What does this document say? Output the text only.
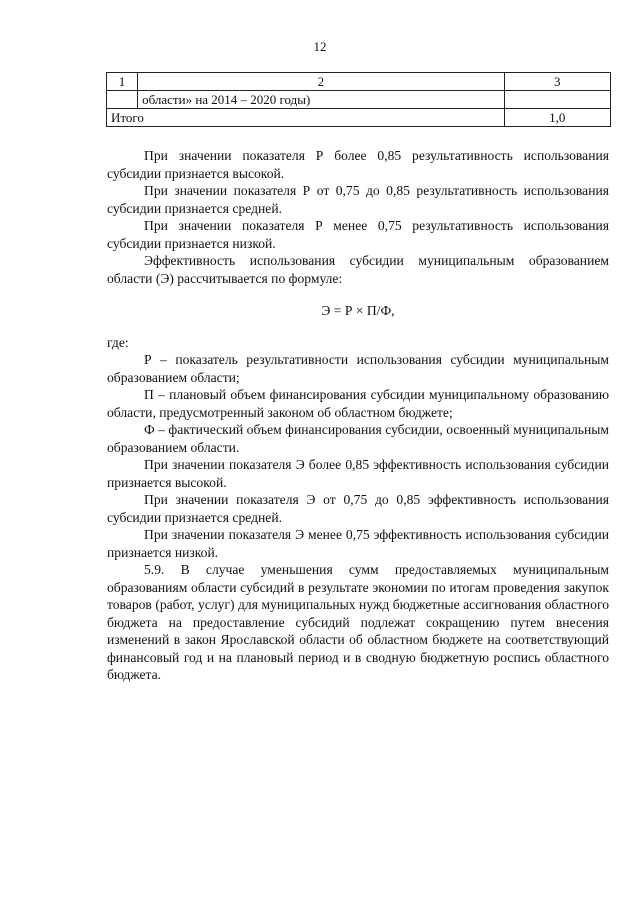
12
1	2	3
	области» на 2014 – 2020 годы)	
Итого		1,0

При значении показателя Р более 0,85 результативность использования субсидии признается высокой.

При значении показателя Р от 0,75 до 0,85 результативность использования субсидии признается средней.

При значении показателя Р менее 0,75 результативность использования субсидии признается низкой.

Эффективность использования субсидии муниципальным образованием области (Э) рассчитывается по формуле:

Э = Р × П/Ф,

где:

Р – показатель результативности использования субсидии муниципальным образованием области;

П – плановый объем финансирования субсидии муниципальному образованию области, предусмотренный законом об областном бюджете;

Ф – фактический объем финансирования субсидии, освоенный муниципальным образованием области.

При значении показателя Э более 0,85 эффективность использования субсидии признается высокой.

При значении показателя Э от 0,75 до 0,85 эффективность использования субсидии признается средней.

При значении показателя Э менее 0,75 эффективность использования субсидии признается низкой.

5.9. В случае уменьшения сумм предоставляемых муниципальным образованиям области субсидий в результате экономии по итогам проведения закупок товаров (работ, услуг) для муниципальных нужд бюджетные ассигнования областного бюджета на предоставление субсидий подлежат сокращению путем внесения изменений в закон Ярославской области об областном бюджете на соответствующий финансовый год и на плановый период и в сводную бюджетную роспись областного бюджета.
